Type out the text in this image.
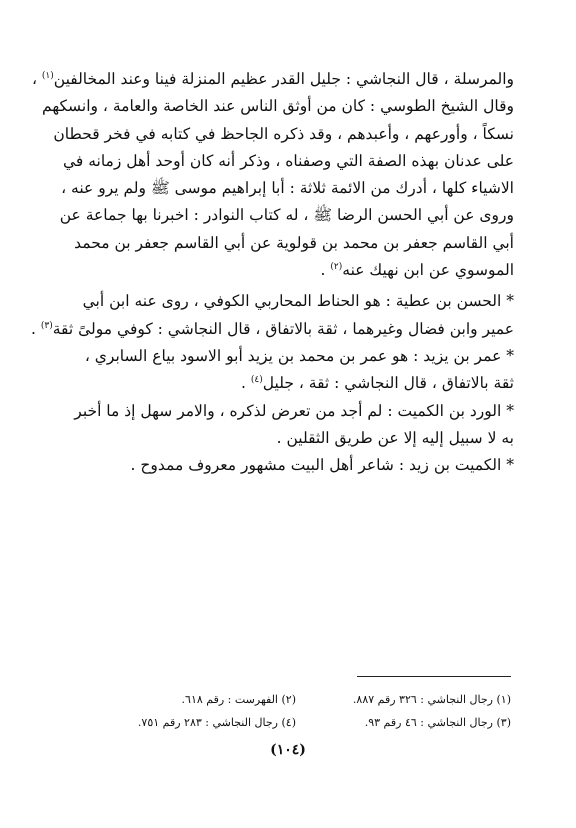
والمرسلة ، قال النجاشي : جليل القدر عظيم المنزلة فينا وعند المخالفين$^{(١)}$ ،
وقال الشيخ الطوسي : كان من أوثق الناس عند الخاصة والعامة ، وانسكهم
نسكاً ، وأورعهم ، وأعبدهم ، وقد ذكره الجاحظ في كتابه في فخر قحطان
على عدنان بهذه الصفة التي وصفناه ، وذكر أنه كان أوحد أهل زمانه في
الاشياء كلها ، أدرك من الائمة ثلاثة : أبا إبراهيم موسى ﷺ ولم يرو عنه ،
وروى عن أبي الحسن الرضا ﷺ ، له كتاب النوادر : اخبرنا بها جماعة عن
أبي القاسم جعفر بن محمد بن قولوية عن أبي القاسم جعفر بن محمد
الموسوي عن ابن نهيك عنه$^{(٢)}$ .
* الحسن بن عطية : هو الحناط المحاربي الكوفي ، روى عنه ابن أبي
عمير وابن فضال وغيرهما ، ثقة بالاتفاق ، قال النجاشي : كوفي مولىً ثقة$^{(٣)}$ .
* عمر بن يزيد : هو عمر بن محمد بن يزيد أبو الاسود بياع السابري ،
ثقة بالاتفاق ، قال النجاشي : ثقة ، جليل$^{(٤)}$ .
* الورد بن الكميت : لم أجد من تعرض لذكره ، والامر سهل إذ ما أخبر
به لا سبيل إليه إلا عن طريق الثقلين .
* الكميت بن زيد : شاعر أهل البيت مشهور معروف ممدوح .
(١) رجال النجاشي : ٣٢٦ رقم ٨٨٧.
(٣) رجال النجاشي : ٤٦ رقم ٩٣.
(٢) الفهرست : رقم ٦١٨.
(٤) رجال النجاشي : ٢٨٣ رقم ٧٥١.
(١٠٤)
